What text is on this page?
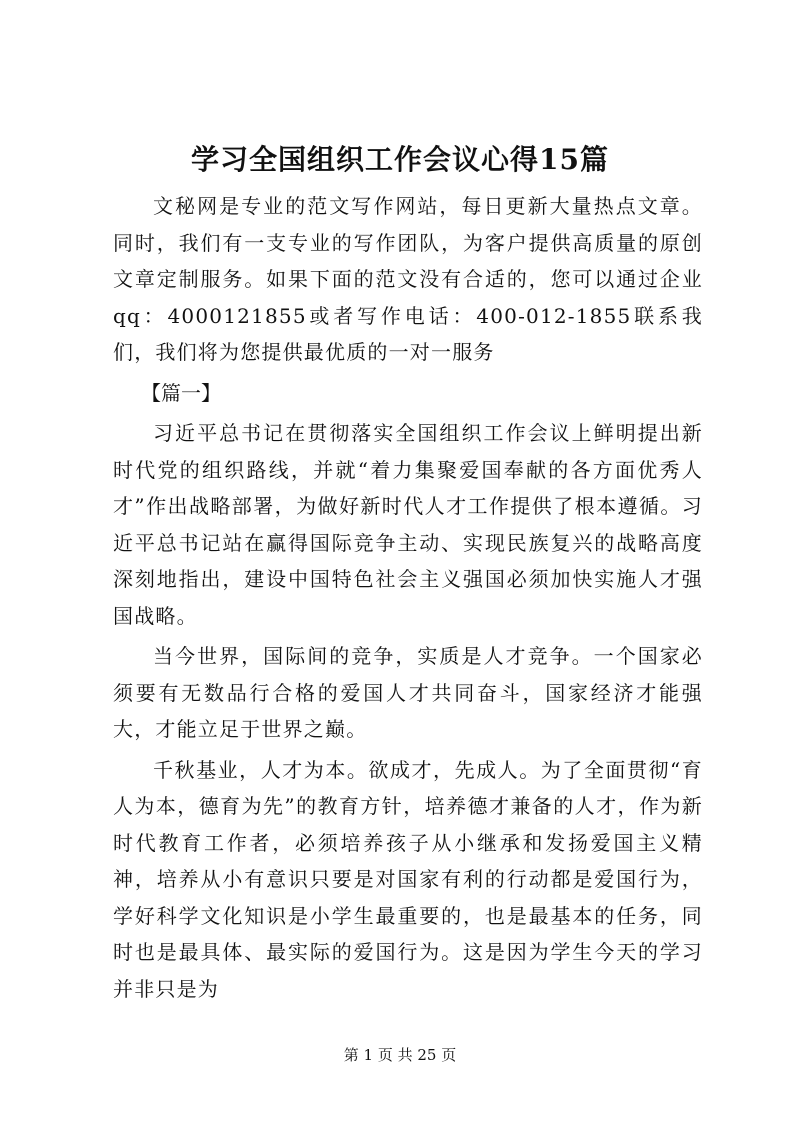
学习全国组织工作会议心得15篇

文秘网是专业的范文写作网站，每日更新大量热点文章。同时，我们有一支专业的写作团队，为客户提供高质量的原创文章定制服务。如果下面的范文没有合适的，您可以通过企业qq：4000121855或者写作电话：400-012-1855联系我们，我们将为您提供最优质的一对一服务

【篇一】

习近平总书记在贯彻落实全国组织工作会议上鲜明提出新时代党的组织路线，并就“着力集聚爱国奉献的各方面优秀人才”作出战略部署，为做好新时代人才工作提供了根本遵循。习近平总书记站在赢得国际竞争主动、实现民族复兴的战略高度深刻地指出，建设中国特色社会主义强国必须加快实施人才强国战略。

当今世界，国际间的竞争，实质是人才竞争。一个国家必须要有无数品行合格的爱国人才共同奋斗，国家经济才能强大，才能立足于世界之巅。

千秋基业，人才为本。欲成才，先成人。为了全面贯彻“育人为本，德育为先”的教育方针，培养德才兼备的人才，作为新时代教育工作者，必须培养孩子从小继承和发扬爱国主义精神，培养从小有意识只要是对国家有利的行动都是爱国行为，学好科学文化知识是小学生最重要的，也是最基本的任务，同时也是最具体、最实际的爱国行为。这是因为学生今天的学习并非只是为

第 1 页 共 25 页
